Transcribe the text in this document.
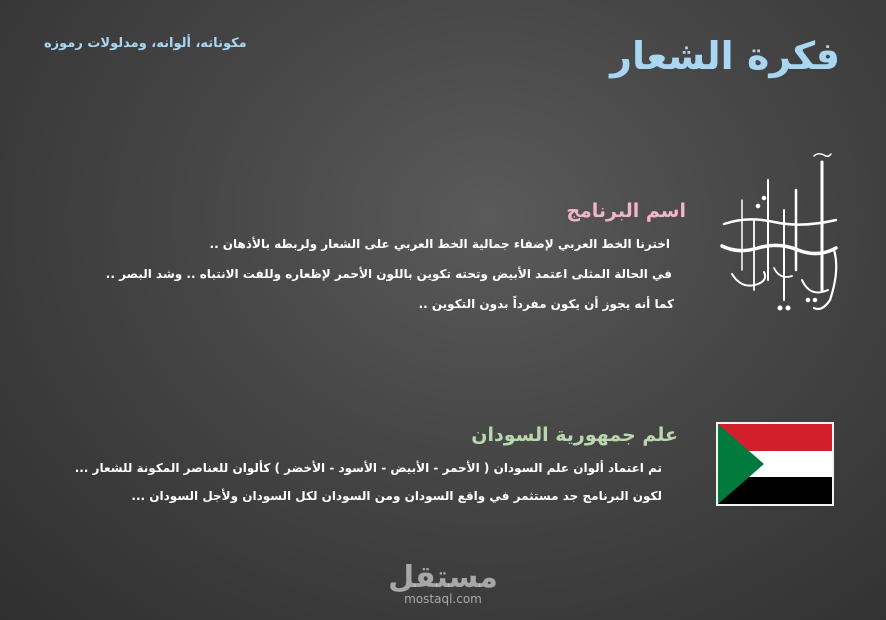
فكرة الشعار
مكوناته، ألوانه، ومدلولات رموزه
اسم البرنامج
اخترنا الخط العربي لإضفاء جمالية الخط العربي على الشعار ولربطه بالأذهان ..
في الحالة المثلى اعتمد الأبيض وتحته تكوين باللون الأحمر لإظعاره وللفت الانتباه .. وشد البصر ..
كما أنه يجوز أن يكون مفرداً بدون التكوين ..
علم جمهورية السودان
تم اعتماد ألوان علم السودان ( الأحمر - الأبيض - الأسود - الأخضر ) كألوان للعناصر المكونة للشعار ...
لكون البرنامج جد مستثمر في واقع السودان ومن السودان لكل السودان ولأجل السودان ...
مستقل
mostaql.com
